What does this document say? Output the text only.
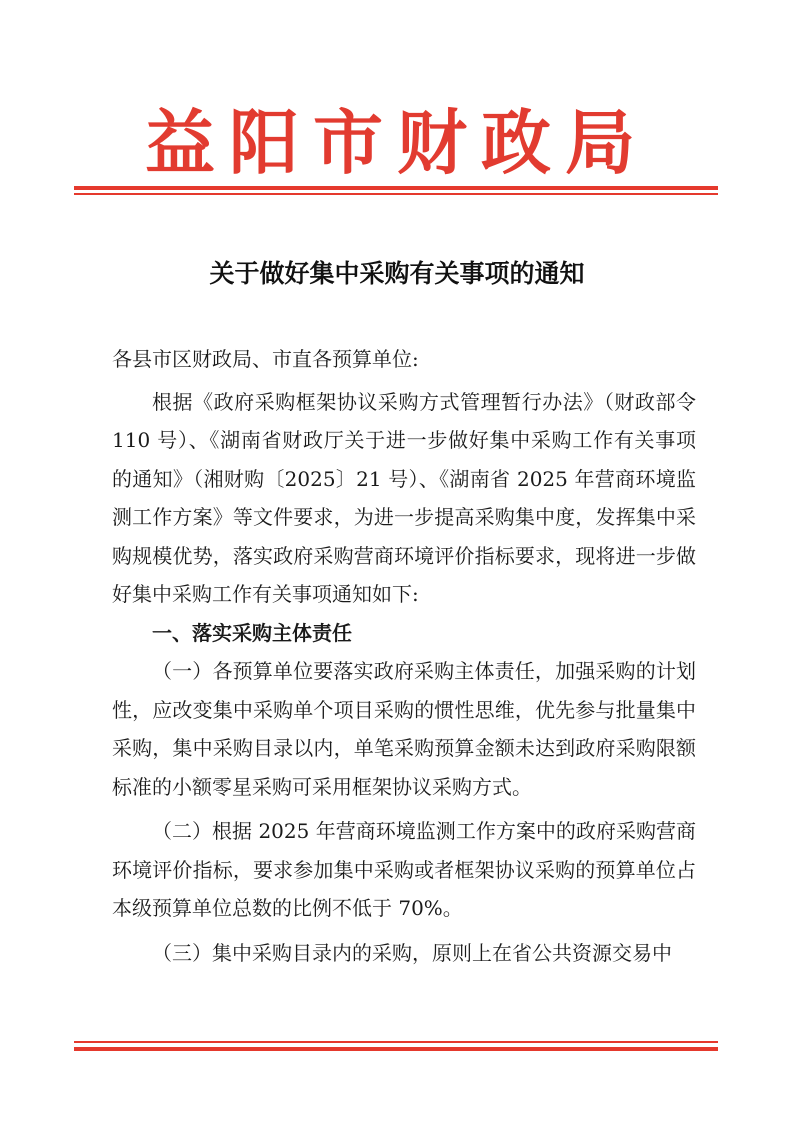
益阳市财政局
关于做好集中采购有关事项的通知

各县市区财政局、市直各预算单位:

根据《政府采购框架协议采购方式管理暂行办法》（财政部令 110 号）、《湖南省财政厅关于进一步做好集中采购工作有关事项的通知》（湘财购〔2025〕21 号）、《湖南省 2025 年营商环境监测工作方案》等文件要求，为进一步提高采购集中度，发挥集中采购规模优势，落实政府采购营商环境评价指标要求，现将进一步做好集中采购工作有关事项通知如下:

一、落实采购主体责任

（一）各预算单位要落实政府采购主体责任，加强采购的计划性，应改变集中采购单个项目采购的惯性思维，优先参与批量集中采购，集中采购目录以内，单笔采购预算金额未达到政府采购限额标准的小额零星采购可采用框架协议采购方式。

（二）根据 2025 年营商环境监测工作方案中的政府采购营商环境评价指标，要求参加集中采购或者框架协议采购的预算单位占本级预算单位总数的比例不低于 70%。

（三）集中采购目录内的采购，原则上在省公共资源交易中
